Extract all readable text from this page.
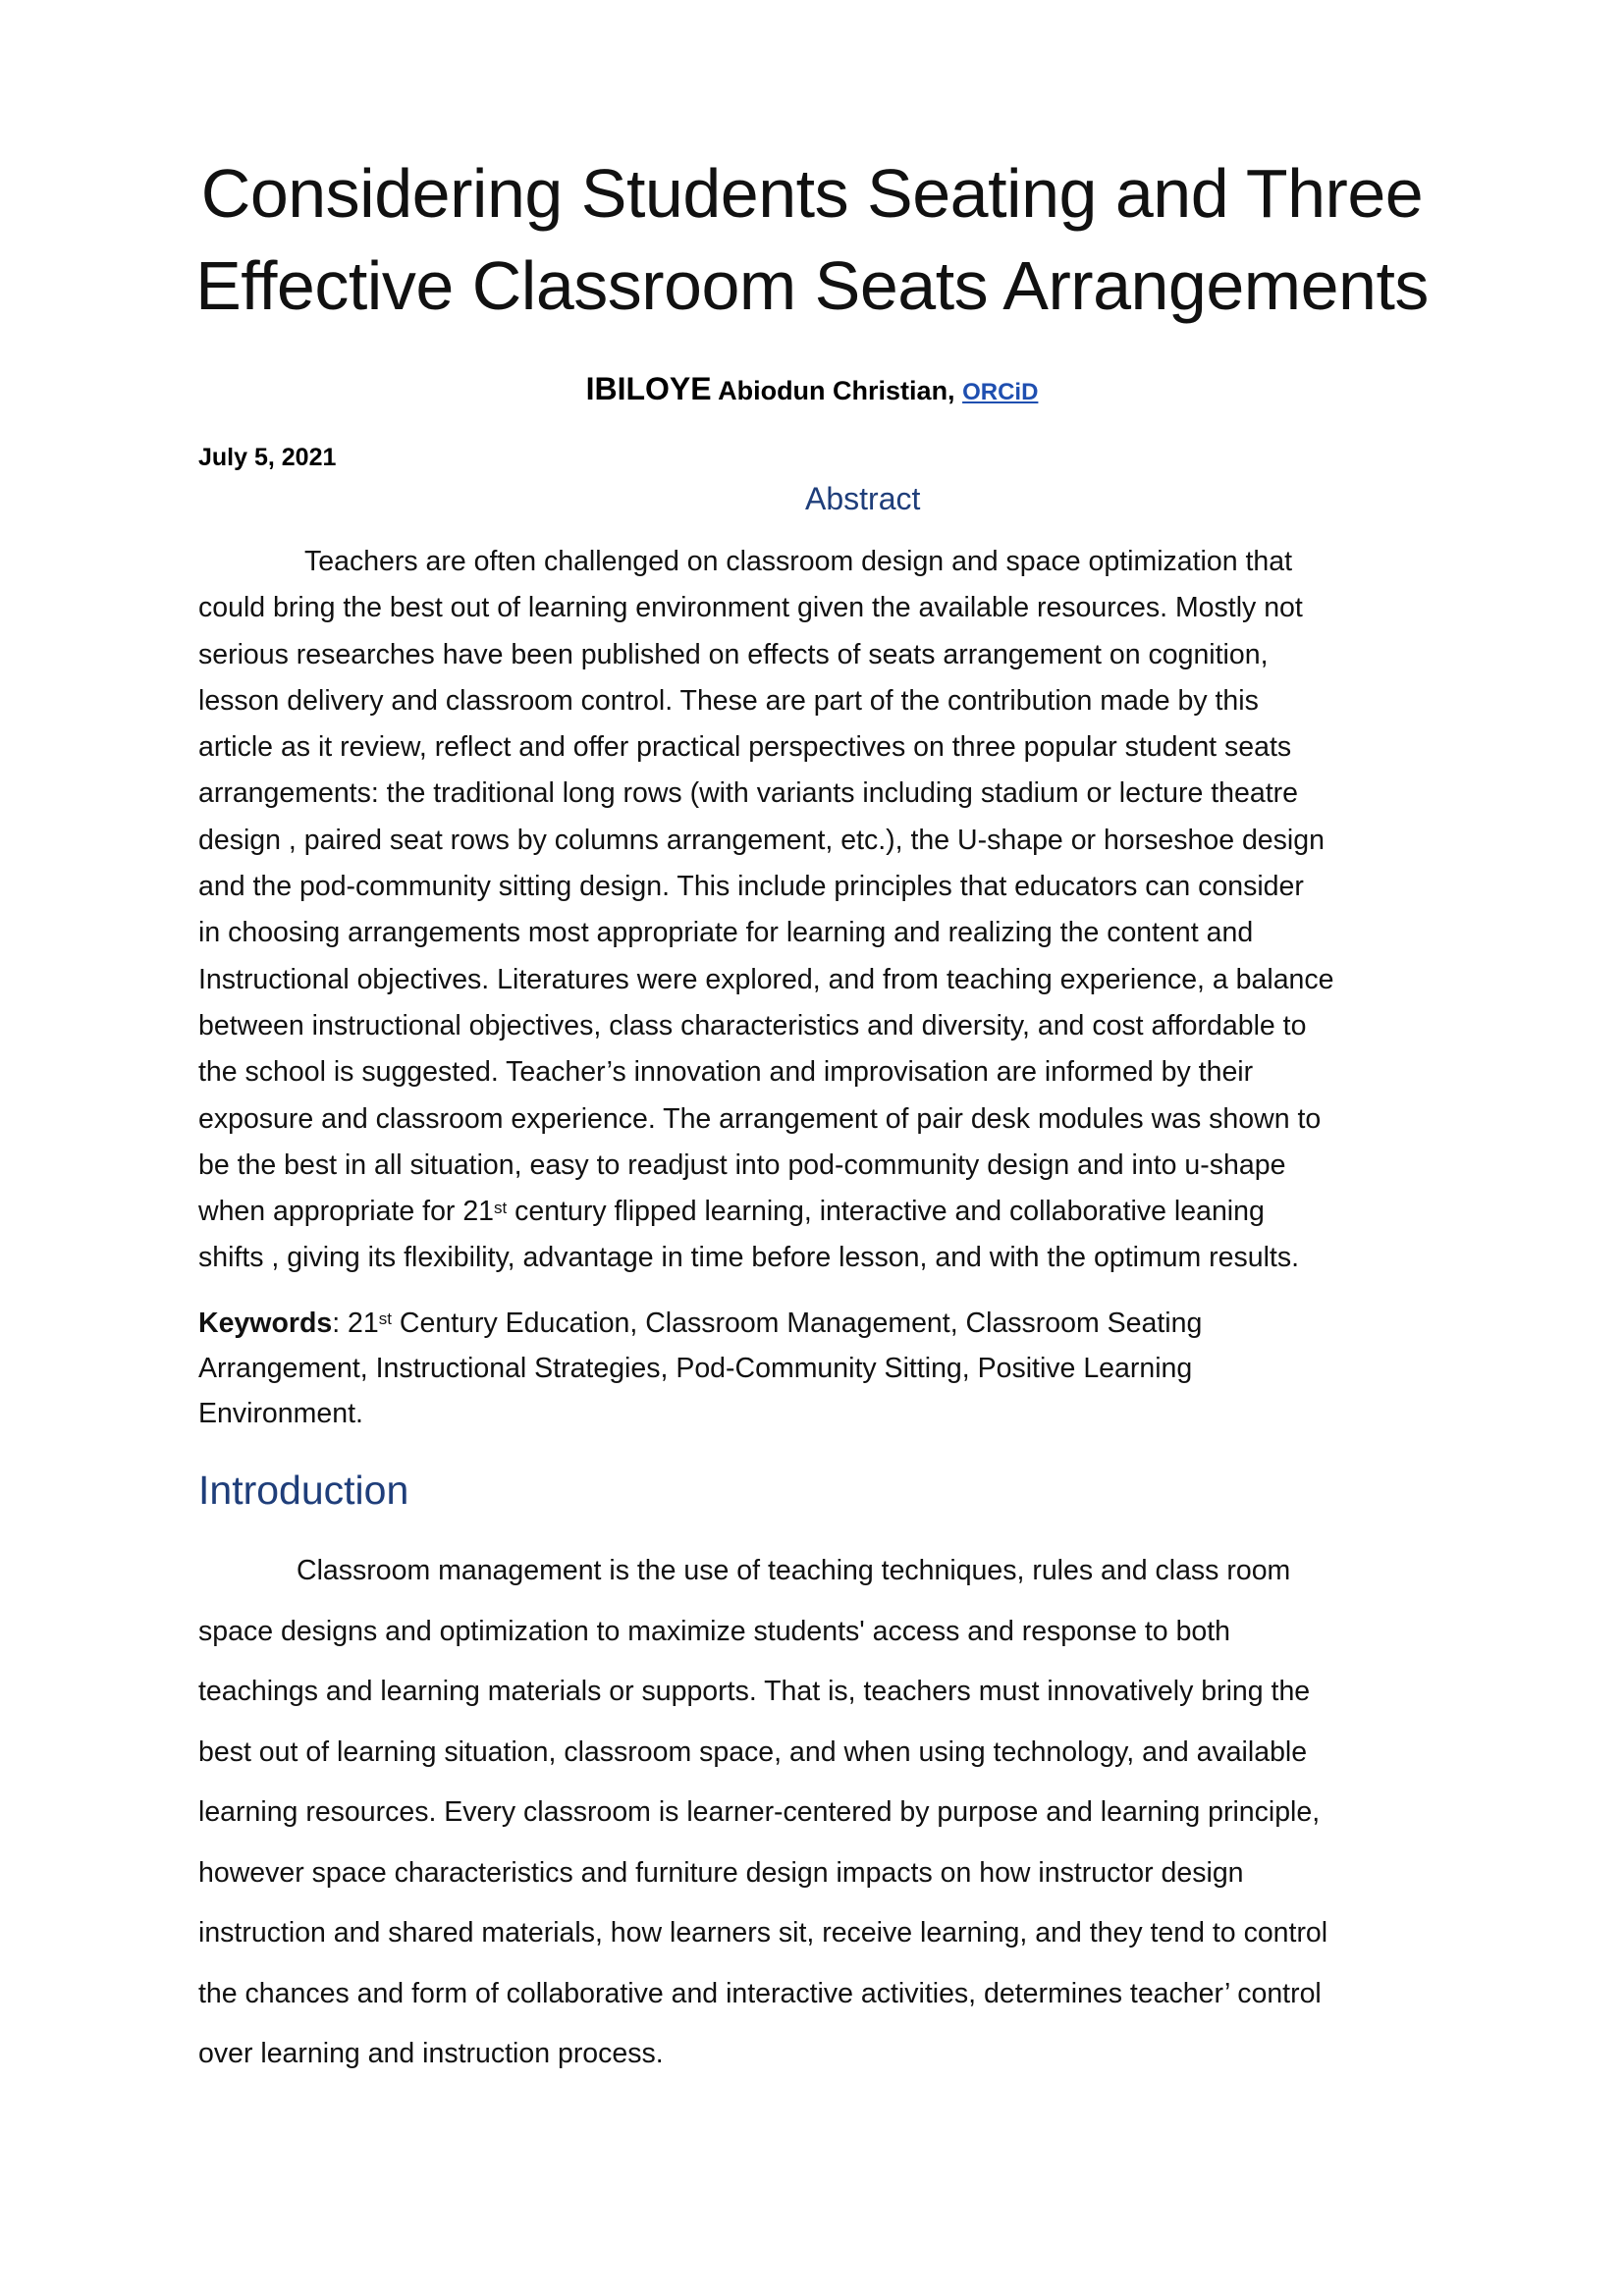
Considering Students Seating and Three
Effective Classroom Seats Arrangements
IBILOYE Abiodun Christian, ORCiD
July 5, 2021
Abstract
Teachers are often challenged on classroom design and space optimization that
could bring the best out of learning environment given the available resources. Mostly not
serious researches have been published on effects of seats arrangement on cognition,
lesson delivery and classroom control. These are part of the contribution made by this
article as it review, reflect and offer practical perspectives on three popular student seats
arrangements: the traditional long rows (with variants including stadium or lecture theatre
design , paired seat rows by columns arrangement, etc.), the U-shape or horseshoe design
and the pod-community sitting design. This include principles that educators can consider
in choosing arrangements most appropriate for learning and realizing the content and
Instructional objectives. Literatures were explored, and from teaching experience, a balance
between instructional objectives, class characteristics and diversity, and cost affordable to
the school is suggested. Teacher’s innovation and improvisation are informed by their
exposure and classroom experience. The arrangement of pair desk modules was shown to
be the best in all situation, easy to readjust into pod-community design and into u-shape
when appropriate for 21st century flipped learning, interactive and collaborative leaning
shifts , giving its flexibility, advantage in time before lesson, and with the optimum results.
Keywords: 21st Century Education, Classroom Management, Classroom Seating
Arrangement, Instructional Strategies, Pod-Community Sitting, Positive Learning
Environment.
Introduction
Classroom management is the use of teaching techniques, rules and class room
space designs and optimization to maximize students' access and response to both
teachings and learning materials or supports. That is, teachers must innovatively bring the
best out of learning situation, classroom space, and when using technology, and available
learning resources. Every classroom is learner-centered by purpose and learning principle,
however space characteristics and furniture design impacts on how instructor design
instruction and shared materials, how learners sit, receive learning, and they tend to control
the chances and form of collaborative and interactive activities, determines teacher’ control
over learning and instruction process.
